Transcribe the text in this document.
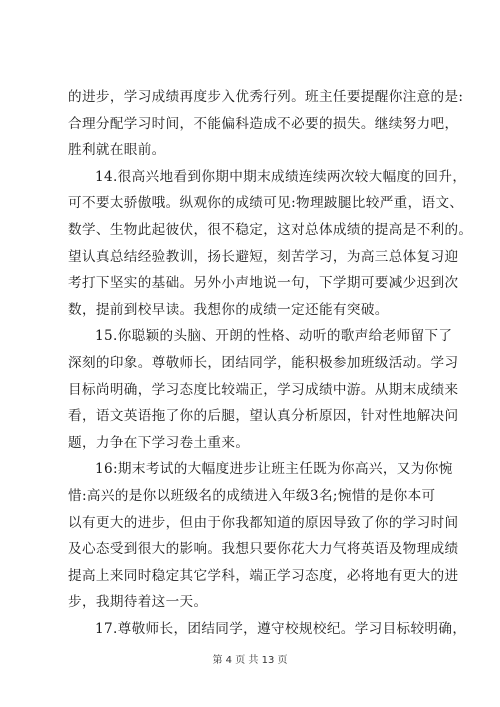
的进步，学习成绩再度步入优秀行列。班主任要提醒你注意的是:
合理分配学习时间，不能偏科造成不必要的损失。继续努力吧，
胜利就在眼前。
14.很高兴地看到你期中期末成绩连续两次较大幅度的回升，
可不要太骄傲哦。纵观你的成绩可见:物理跛腿比较严重，语文、
数学、生物此起彼伏，很不稳定，这对总体成绩的提高是不利的。
望认真总结经验教训，扬长避短，刻苦学习，为高三总体复习迎
考打下坚实的基础。另外小声地说一句，下学期可要减少迟到次
数，提前到校早读。我想你的成绩一定还能有突破。
15.你聪颖的头脑、开朗的性格、动听的歌声给老师留下了
深刻的印象。尊敬师长，团结同学，能积极参加班级活动。学习
目标尚明确，学习态度比较端正，学习成绩中游。从期末成绩来
看，语文英语拖了你的后腿，望认真分析原因，针对性地解决问
题，力争在下学习卷土重来。
16:期末考试的大幅度进步让班主任既为你高兴，又为你惋
惜:高兴的是你以班级名的成绩进入年级3名;惋惜的是你本可
以有更大的进步，但由于你我都知道的原因导致了你的学习时间
及心态受到很大的影响。我想只要你花大力气将英语及物理成绩
提高上来同时稳定其它学科，端正学习态度，必将地有更大的进
步，我期待着这一天。
17.尊敬师长，团结同学，遵守校规校纪。学习目标较明确，
第 4 页 共 13 页
